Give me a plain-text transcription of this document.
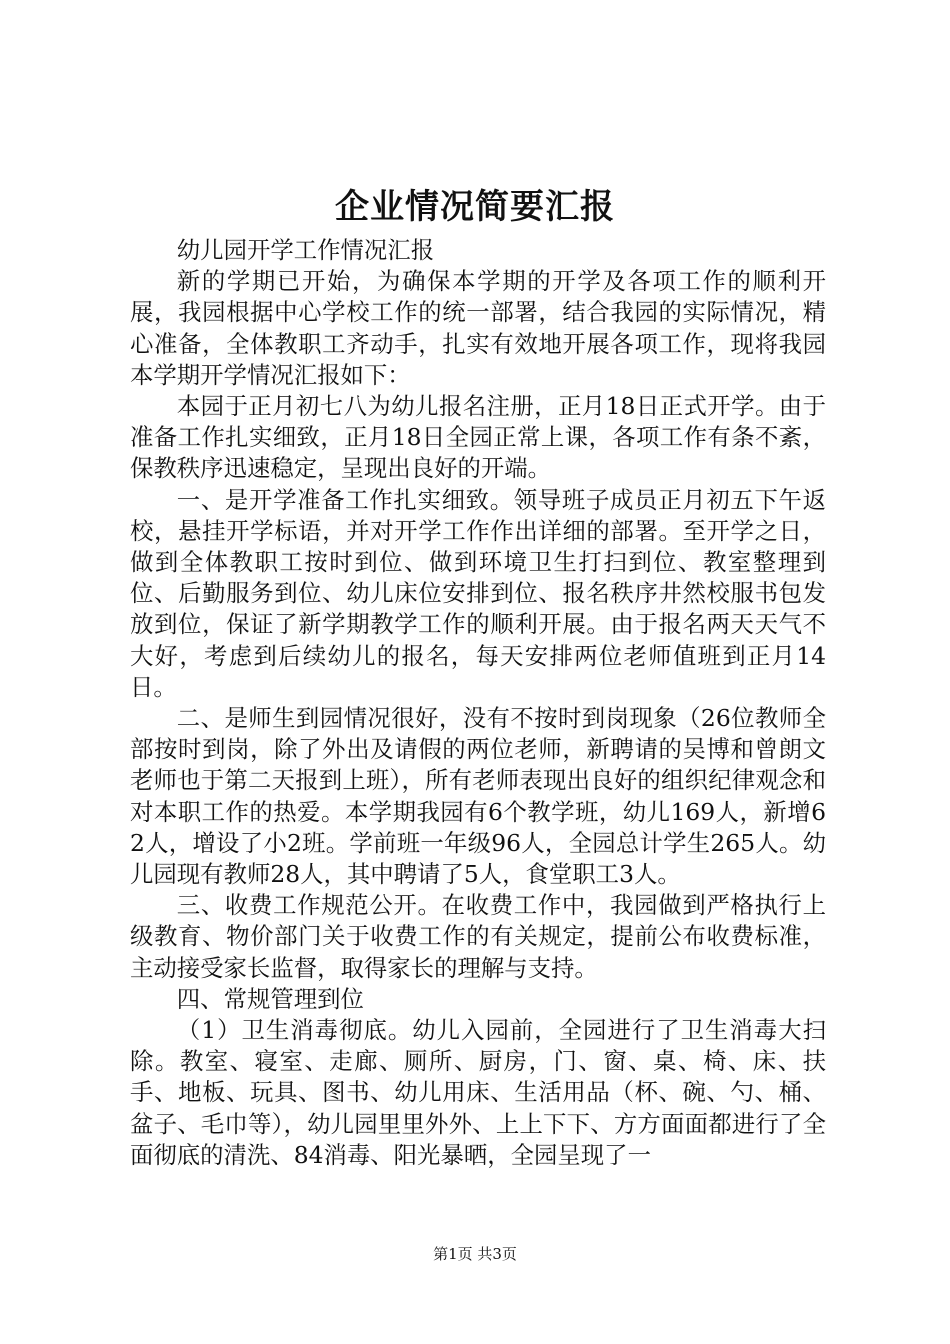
企业情况简要汇报

幼儿园开学工作情况汇报

新的学期已开始，为确保本学期的开学及各项工作的顺利开展，我园根据中心学校工作的统一部署，结合我园的实际情况，精心准备，全体教职工齐动手，扎实有效地开展各项工作，现将我园本学期开学情况汇报如下：

本园于正月初七八为幼儿报名注册，正月18日正式开学。由于准备工作扎实细致，正月18日全园正常上课，各项工作有条不紊，保教秩序迅速稳定，呈现出良好的开端。

一、是开学准备工作扎实细致。领导班子成员正月初五下午返校，悬挂开学标语，并对开学工作作出详细的部署。至开学之日，做到全体教职工按时到位、做到环境卫生打扫到位、教室整理到位、后勤服务到位、幼儿床位安排到位、报名秩序井然校服书包发放到位，保证了新学期教学工作的顺利开展。由于报名两天天气不大好，考虑到后续幼儿的报名，每天安排两位老师值班到正月14日。

二、是师生到园情况很好，没有不按时到岗现象（26位教师全部按时到岗，除了外出及请假的两位老师，新聘请的吴博和曾朗文老师也于第二天报到上班），所有老师表现出良好的组织纪律观念和对本职工作的热爱。本学期我园有6个教学班，幼儿169人，新增62人，增设了小2班。学前班一年级96人，全园总计学生265人。幼儿园现有教师28人，其中聘请了5人，食堂职工3人。

三、收费工作规范公开。在收费工作中，我园做到严格执行上级教育、物价部门关于收费工作的有关规定，提前公布收费标准，主动接受家长监督，取得家长的理解与支持。

四、常规管理到位

（1）卫生消毒彻底。幼儿入园前，全园进行了卫生消毒大扫除。教室、寝室、走廊、厕所、厨房，门、窗、桌、椅、床、扶手、地板、玩具、图书、幼儿用床、生活用品（杯、碗、勺、桶、盆子、毛巾等），幼儿园里里外外、上上下下、方方面面都进行了全面彻底的清洗、84消毒、阳光暴晒，全园呈现了一

第1页 共3页
